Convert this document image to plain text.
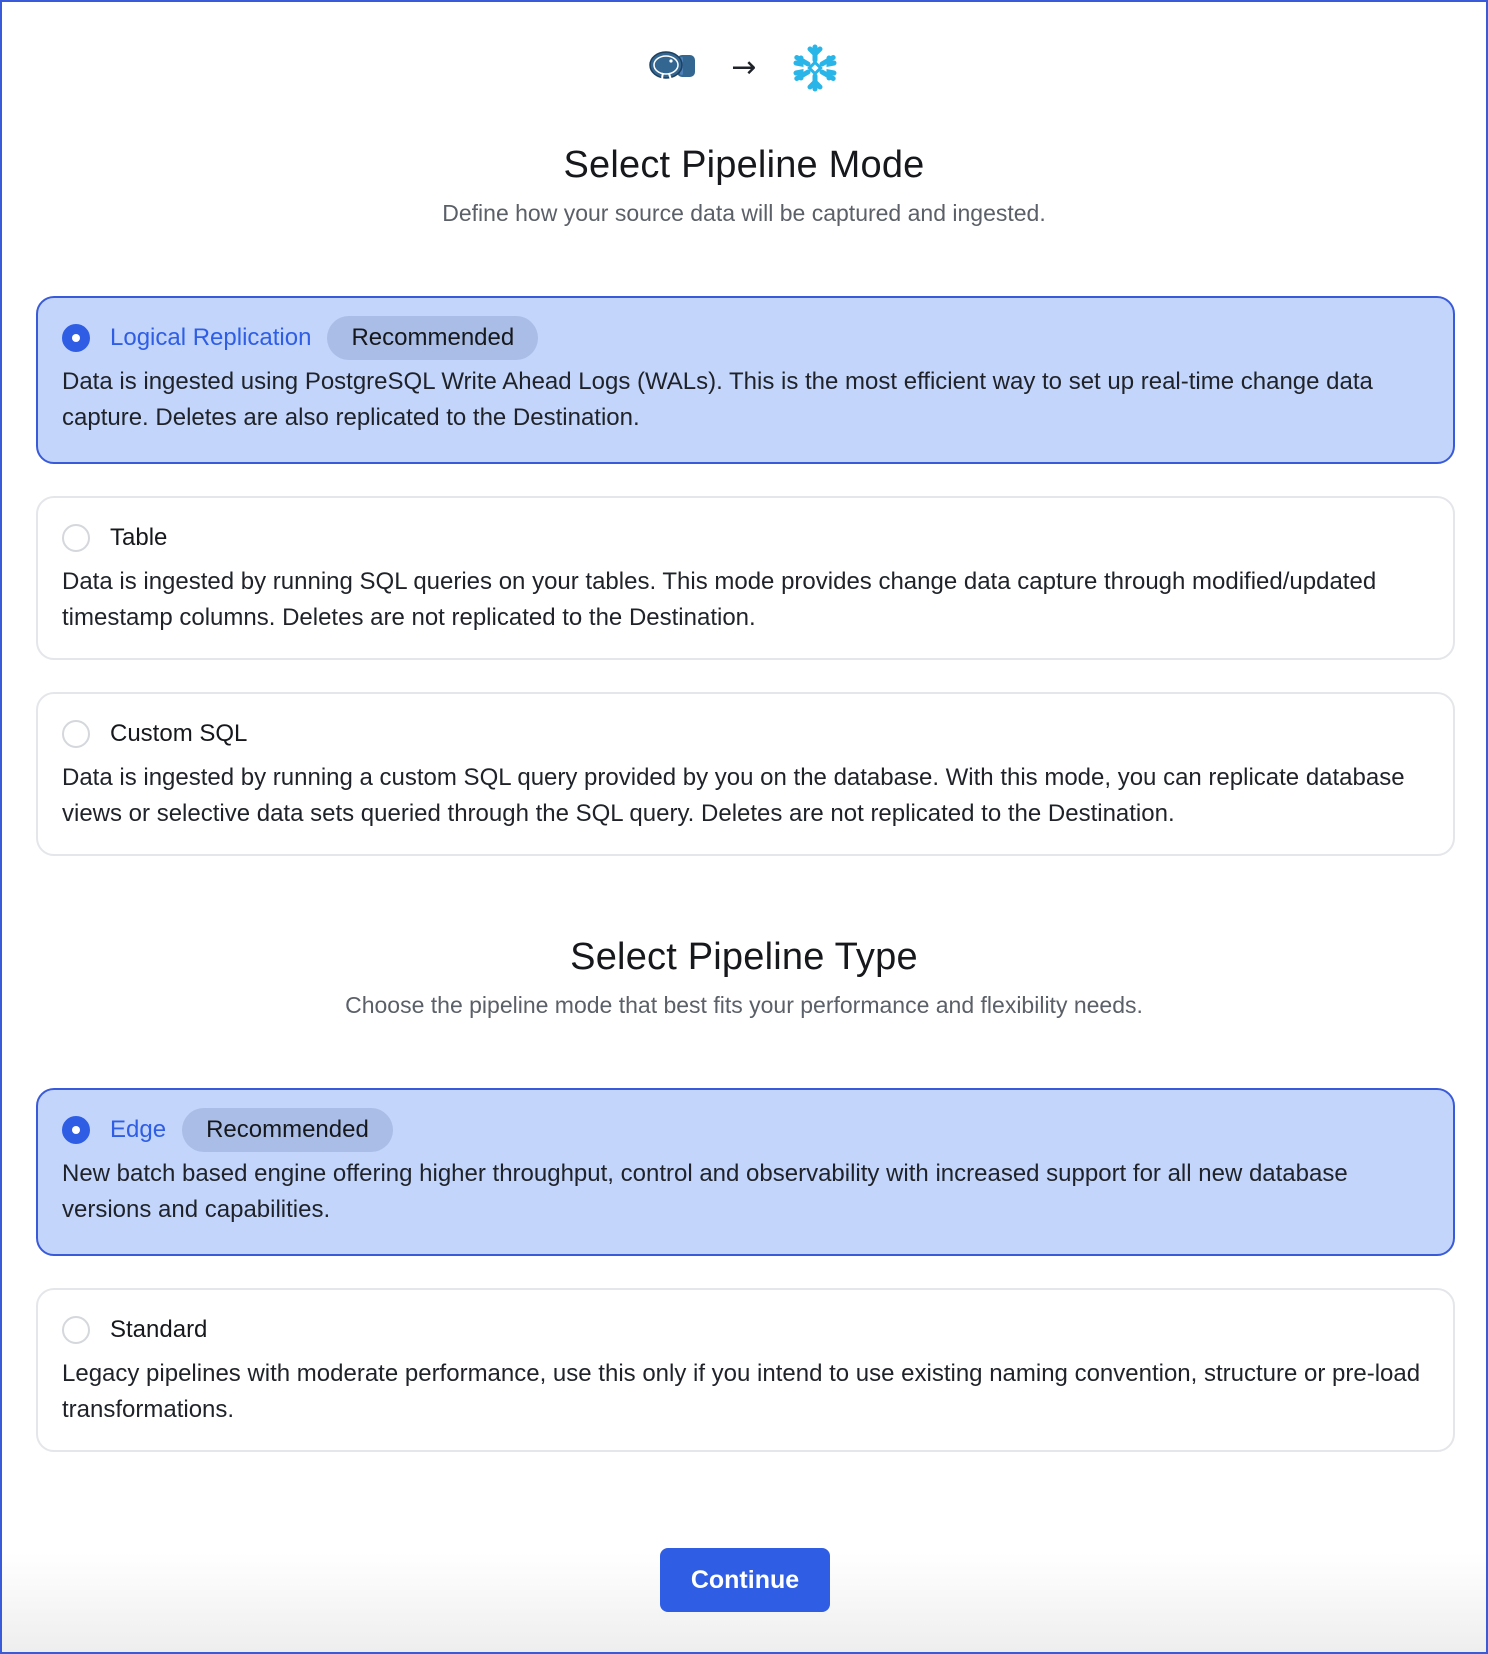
→
Select Pipeline Mode

Define how your source data will be captured and ingested.

Logical Replication	Recommended

Data is ingested using PostgreSQL Write Ahead Logs (WALs). This is the most efficient way to set up real-time change data capture. Deletes are also replicated to the Destination.

Table

Data is ingested by running SQL queries on your tables. This mode provides change data capture through modified/updated timestamp columns. Deletes are not replicated to the Destination.

Custom SQL

Data is ingested by running a custom SQL query provided by you on the database. With this mode, you can replicate database views or selective data sets queried through the SQL query. Deletes are not replicated to the Destination.

Select Pipeline Type

Choose the pipeline mode that best fits your performance and flexibility needs.

Edge	Recommended

New batch based engine offering higher throughput, control and observability with increased support for all new database versions and capabilities.

Standard

Legacy pipelines with moderate performance, use this only if you intend to use existing naming convention, structure or pre-load transformations.

Continue
